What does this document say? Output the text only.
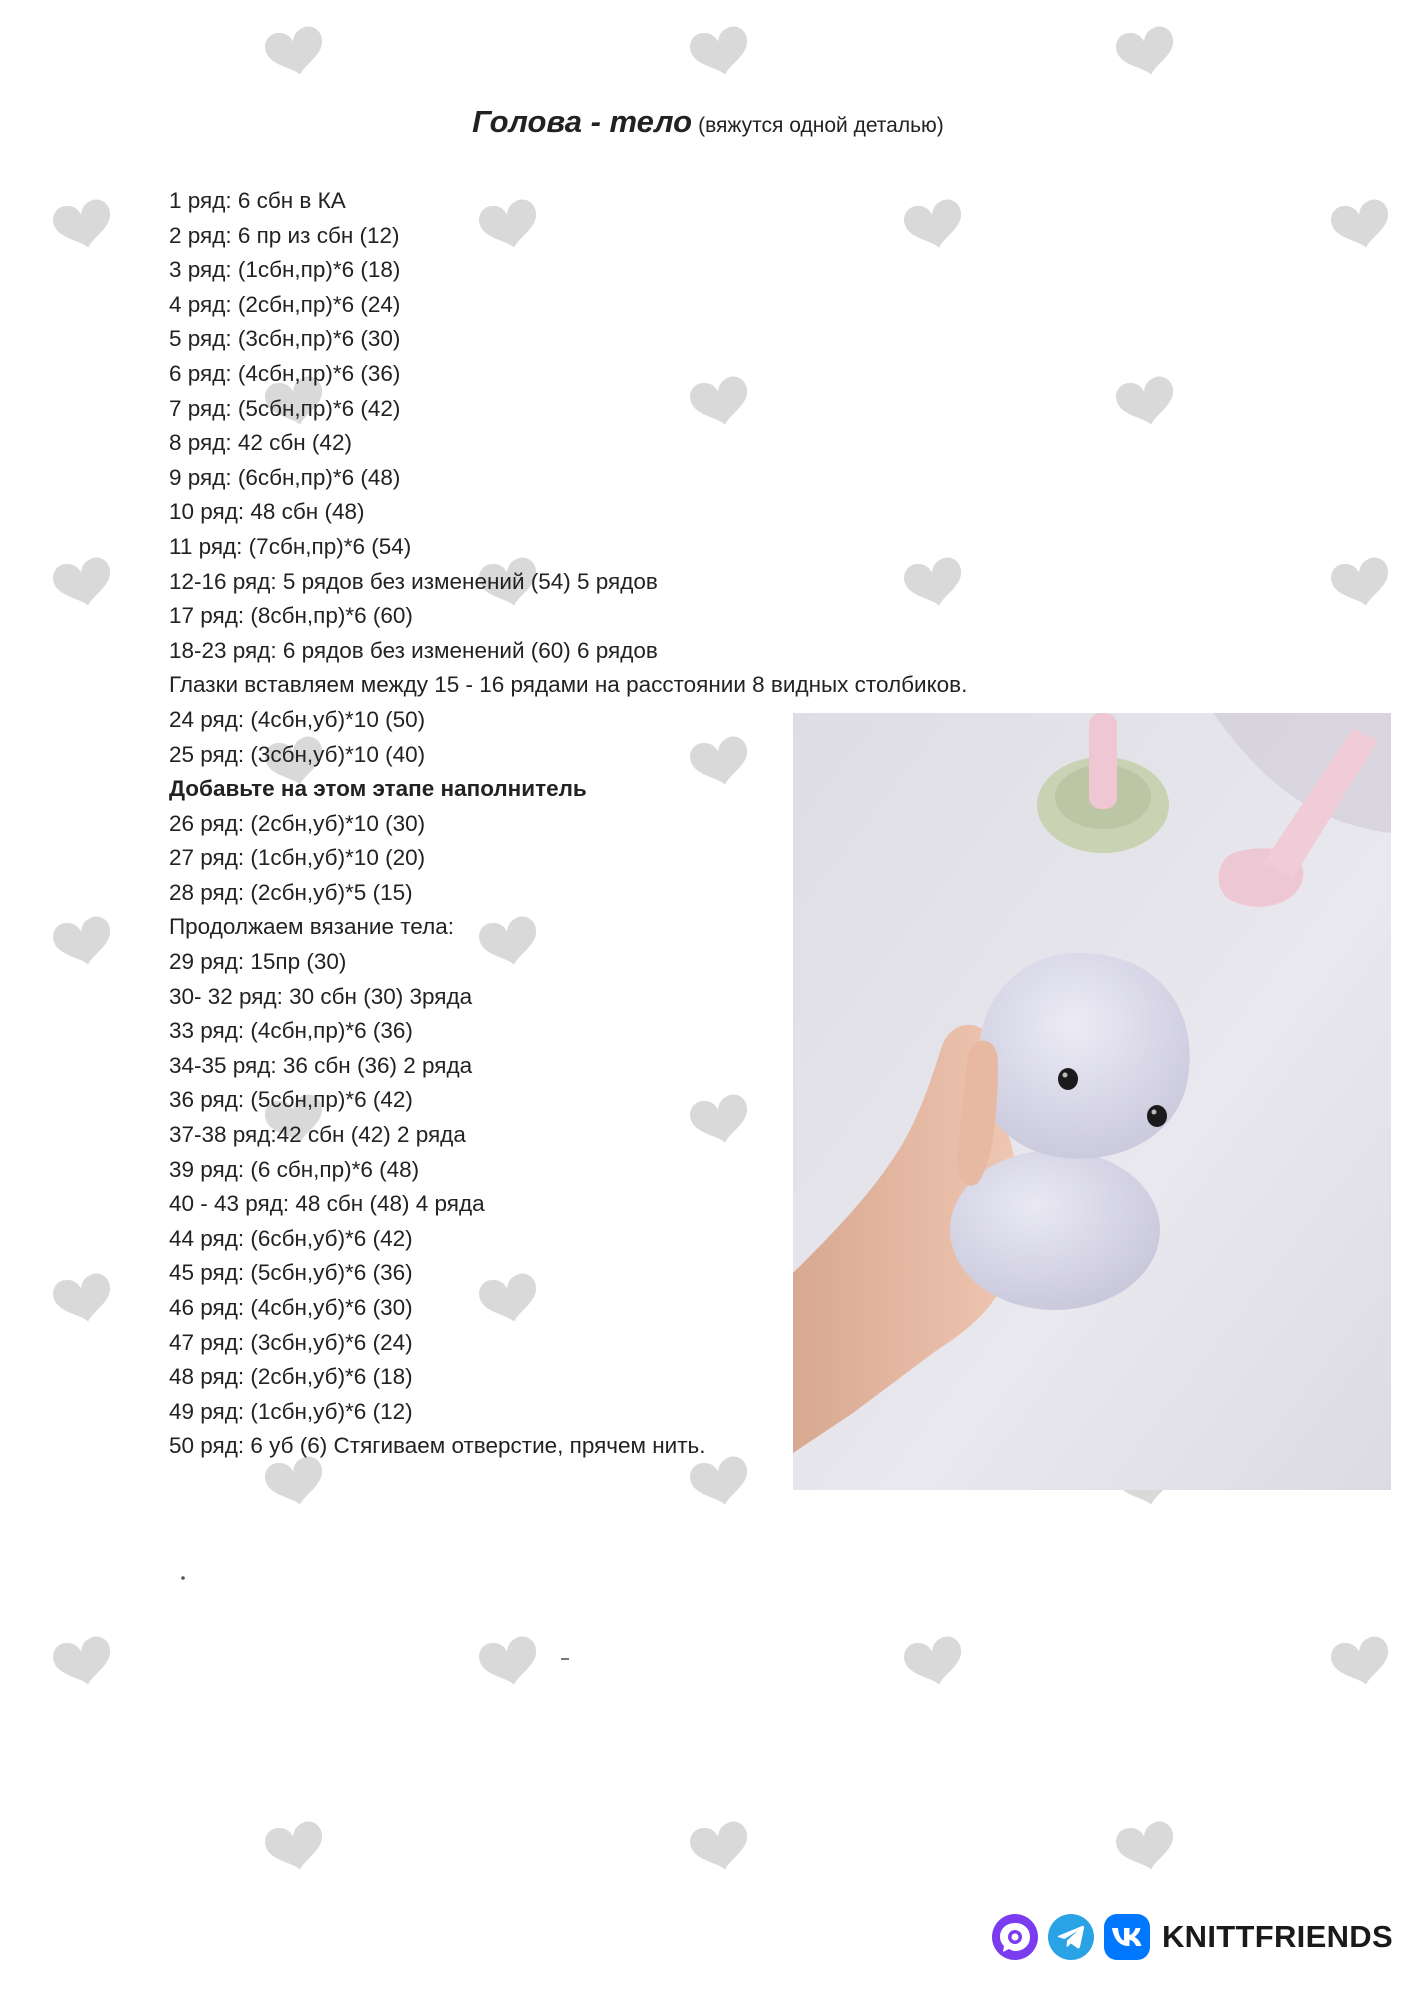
Голова - тело (вяжутся одной деталью)
1 ряд: 6 сбн в КА
2 ряд: 6 пр из сбн (12)
3 ряд: (1сбн,пр)*6 (18)
4 ряд: (2сбн,пр)*6 (24)
5 ряд: (3сбн,пр)*6 (30)
6 ряд: (4сбн,пр)*6 (36)
7 ряд: (5сбн,пр)*6 (42)
8 ряд: 42 сбн (42)
9 ряд: (6сбн,пр)*6 (48)
10 ряд: 48 сбн (48)
11 ряд: (7сбн,пр)*6 (54)
12-16 ряд: 5 рядов без изменений (54) 5 рядов
17 ряд: (8сбн,пр)*6 (60)
18-23 ряд: 6 рядов без изменений (60) 6 рядов
Глазки вставляем между 15 - 16 рядами на расстоянии 8 видных столбиков.
24 ряд: (4сбн,уб)*10 (50)
25 ряд: (3сбн,уб)*10 (40)
Добавьте на этом этапе наполнитель
26 ряд: (2сбн,уб)*10 (30)
27 ряд: (1сбн,уб)*10 (20)
28 ряд: (2сбн,уб)*5 (15)
Продолжаем вязание тела:
29 ряд: 15пр (30)
30- 32 ряд: 30 сбн (30) 3ряда
33 ряд: (4сбн,пр)*6 (36)
34-35 ряд: 36 сбн (36) 2 ряда
36 ряд: (5сбн,пр)*6 (42)
37-38 ряд:42 сбн (42) 2 ряда
39 ряд: (6 сбн,пр)*6 (48)
40 - 43 ряд: 48 сбн (48) 4 ряда
44 ряд: (6сбн,уб)*6 (42)
45 ряд: (5сбн,уб)*6 (36)
46 ряд: (4сбн,уб)*6 (30)
47 ряд: (3сбн,уб)*6 (24)
48 ряд: (2сбн,уб)*6 (18)
49 ряд: (1сбн,уб)*6 (12)
50 ряд: 6 уб (6) Стягиваем отверстие, прячем нить.
KNITTFRIENDS
